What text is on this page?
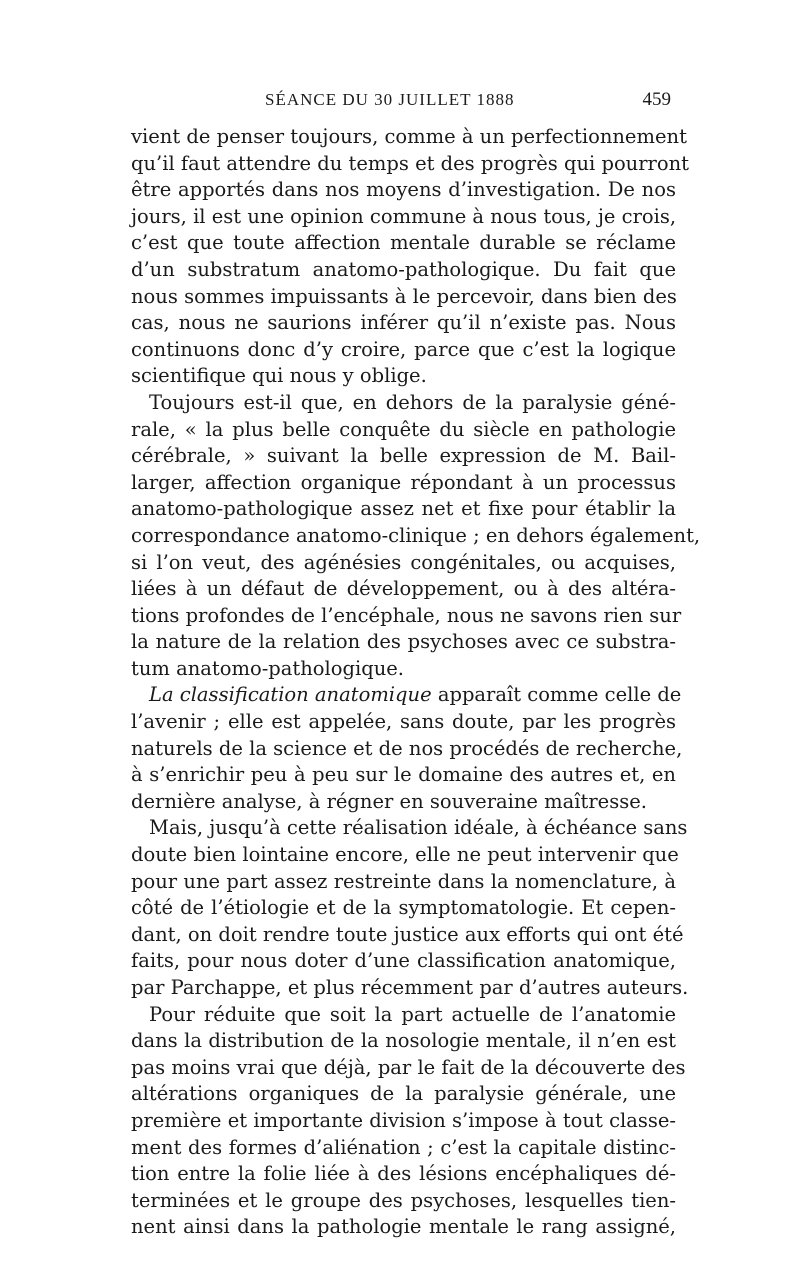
SÉANCE DU 30 JUILLET 1888	459
vient de penser toujours, comme à un perfectionnement
qu’il faut attendre du temps et des progrès qui pourront
être apportés dans nos moyens d’investigation. De nos
jours, il est une opinion commune à nous tous, je crois,
c’est que toute affection mentale durable se réclame
d’un substratum anatomo-pathologique. Du fait que
nous sommes impuissants à le percevoir, dans bien des
cas, nous ne saurions inférer qu’il n’existe pas. Nous
continuons donc d’y croire, parce que c’est la logique
scientifique qui nous y oblige.
Toujours est-il que, en dehors de la paralysie géné-
rale, « la plus belle conquête du siècle en pathologie
cérébrale, » suivant la belle expression de M. Bail-
larger, affection organique répondant à un processus
anatomo-pathologique assez net et fixe pour établir la
correspondance anatomo-clinique ; en dehors également,
si l’on veut, des agénésies congénitales, ou acquises,
liées à un défaut de développement, ou à des altéra-
tions profondes de l’encéphale, nous ne savons rien sur
la nature de la relation des psychoses avec ce substra-
tum anatomo-pathologique.
La classification anatomique apparaît comme celle de
l’avenir ; elle est appelée, sans doute, par les progrès
naturels de la science et de nos procédés de recherche,
à s’enrichir peu à peu sur le domaine des autres et, en
dernière analyse, à régner en souveraine maîtresse.
Mais, jusqu’à cette réalisation idéale, à échéance sans
doute bien lointaine encore, elle ne peut intervenir que
pour une part assez restreinte dans la nomenclature, à
côté de l’étiologie et de la symptomatologie. Et cepen-
dant, on doit rendre toute justice aux efforts qui ont été
faits, pour nous doter d’une classification anatomique,
par Parchappe, et plus récemment par d’autres auteurs.
Pour réduite que soit la part actuelle de l’anatomie
dans la distribution de la nosologie mentale, il n’en est
pas moins vrai que déjà, par le fait de la découverte des
altérations organiques de la paralysie générale, une
première et importante division s’impose à tout classe-
ment des formes d’aliénation ; c’est la capitale distinc-
tion entre la folie liée à des lésions encéphaliques dé-
terminées et le groupe des psychoses, lesquelles tien-
nent ainsi dans la pathologie mentale le rang assigné,
